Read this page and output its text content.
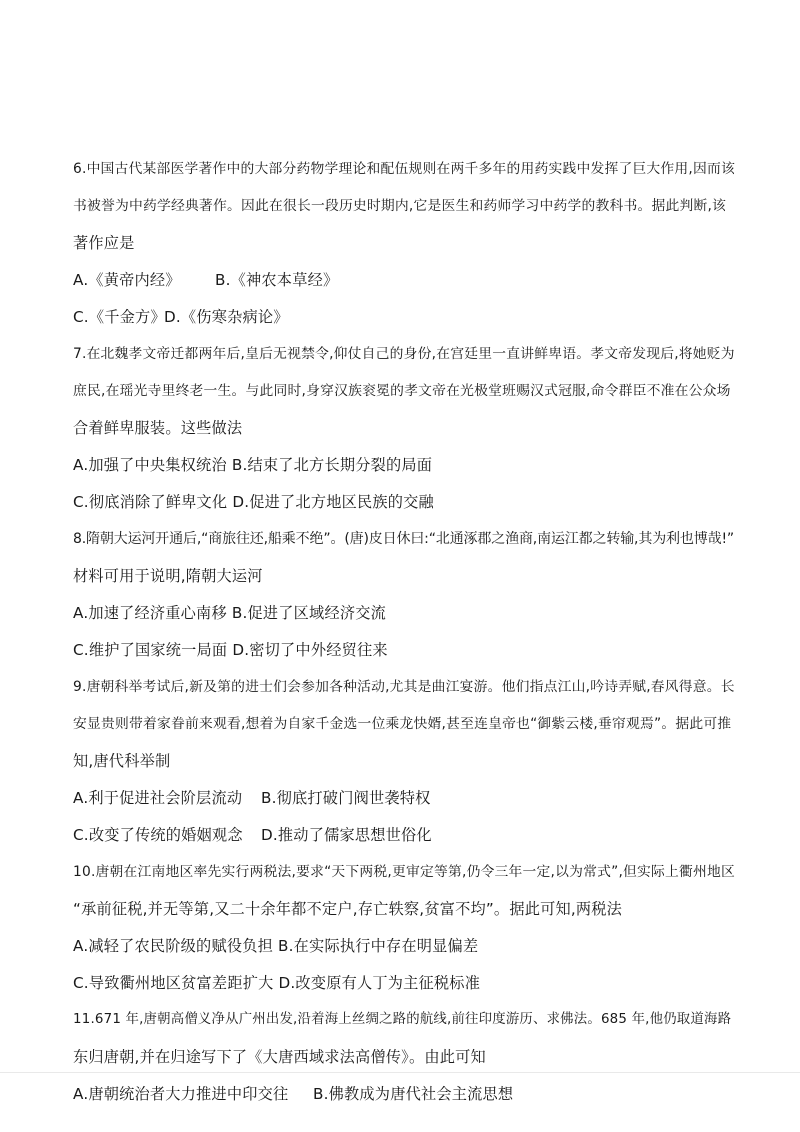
6.中国古代某部医学著作中的大部分药物学理论和配伍规则在两千多年的用药实践中发挥了巨大作用,因而该
书被誉为中药学经典著作。因此在很长一段历史时期内,它是医生和药师学习中药学的教科书。据此判断,该
著作应是
A.《黄帝内经》	B.《神农本草经》
C.《千金方》
D.《伤寒杂病论》
7.在北魏孝文帝迁都两年后,皇后无视禁令,仰仗自己的身份,在宫廷里一直讲鲜卑语。孝文帝发现后,将她贬为
庶民,在瑶光寺里终老一生。与此同时,身穿汉族衮冕的孝文帝在光极堂班赐汉式冠服,命令群臣不准在公众场
合着鲜卑服装。这些做法
A.加强了中央集权统治 B.结束了北方长期分裂的局面
C.彻底消除了鲜卑文化 D.促进了北方地区民族的交融
8.隋朝大运河开通后,“商旅往还,船乘不绝”。(唐)皮日休曰:“北通涿郡之渔商,南运江都之转输,其为利也博哉!”
材料可用于说明,隋朝大运河
A.加速了经济重心南移 B.促进了区域经济交流
C.维护了国家统一局面 D.密切了中外经贸往来
9.唐朝科举考试后,新及第的进士们会参加各种活动,尤其是曲江宴游。他们指点江山,吟诗弄赋,春风得意。长
安显贵则带着家眷前来观看,想着为自家千金选一位乘龙快婿,甚至连皇帝也“御紫云楼,垂帘观焉”。据此可推
知,唐代科举制
A.利于促进社会阶层流动	B.彻底打破门阀世袭特权
C.改变了传统的婚姻观念	D.推动了儒家思想世俗化
10.唐朝在江南地区率先实行两税法,要求“天下两税,更审定等第,仍令三年一定,以为常式”,但实际上衢州地区
“承前征税,并无等第,又二十余年都不定户,存亡轶察,贫富不均”。据此可知,两税法
A.减轻了农民阶级的赋役负担 B.在实际执行中存在明显偏差
C.导致衢州地区贫富差距扩大 D.改变原有人丁为主征税标准
11.671 年,唐朝高僧义净从广州出发,沿着海上丝绸之路的航线,前往印度游历、求佛法。685 年,他仍取道海路
东归唐朝,并在归途写下了《大唐西域求法高僧传》。由此可知
A.唐朝统治者大力推进中印交往	B.佛教成为唐代社会主流思想
